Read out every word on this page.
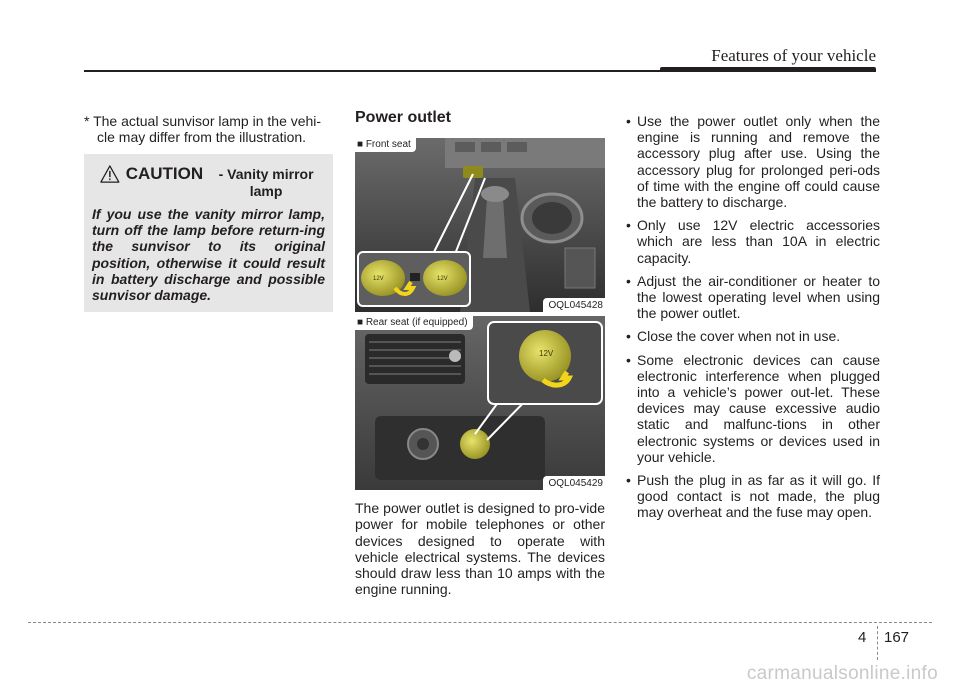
Features of your vehicle

* The actual sunvisor lamp in the vehi-cle may differ from the illustration.

CAUTION	- Vanity mirror lamp

If you use the vanity mirror lamp, turn off the lamp before return-ing the sunvisor to its original position, otherwise it could result in battery discharge and possible sunvisor damage.

Power outlet
12V	12V
■ Front seat
OQL045428
12V
■ Rear seat (if equipped)
OQL045429

The power outlet is designed to pro-vide power for mobile telephones or other devices designed to operate with vehicle electrical systems. The devices should draw less than 10 amps with the engine running.

• Use the power outlet only when the engine is running and remove the accessory plug after use. Using the accessory plug for prolonged peri-ods of time with the engine off could cause the battery to discharge.
• Only use 12V electric accessories which are less than 10A in electric capacity.
• Adjust the air-conditioner or heater to the lowest operating level when using the power outlet.
• Close the cover when not in use.
• Some electronic devices can cause electronic interference when plugged into a vehicle’s power out-let. These devices may cause excessive audio static and malfunc-tions in other electronic systems or devices used in your vehicle.
• Push the plug in as far as it will go. If good contact is not made, the plug may overheat and the fuse may open.
4 167
carmanualsonline.info
